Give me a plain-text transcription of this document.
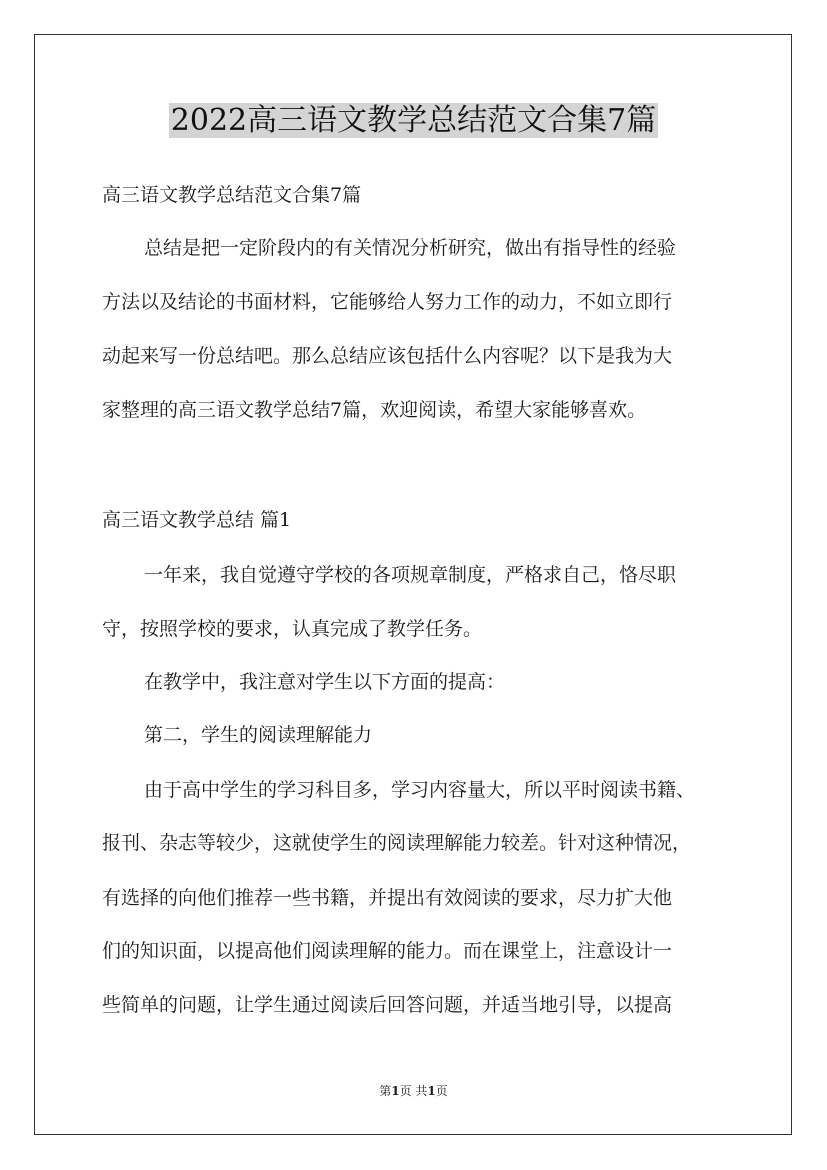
2022高三语文教学总结范文合集7篇
高三语文教学总结范文合集7篇
总结是把一定阶段内的有关情况分析研究，做出有指导性的经验
方法以及结论的书面材料，它能够给人努力工作的动力，不如立即行
动起来写一份总结吧。那么总结应该包括什么内容呢？以下是我为大
家整理的高三语文教学总结7篇，欢迎阅读，希望大家能够喜欢。
高三语文教学总结 篇1
一年来，我自觉遵守学校的各项规章制度，严格求自己，恪尽职
守，按照学校的要求，认真完成了教学任务。
在教学中，我注意对学生以下方面的提高：
第二，学生的阅读理解能力
由于高中学生的学习科目多，学习内容量大，所以平时阅读书籍、
报刊、杂志等较少，这就使学生的阅读理解能力较差。针对这种情况，
有选择的向他们推荐一些书籍，并提出有效阅读的要求，尽力扩大他
们的知识面，以提高他们阅读理解的能力。而在课堂上，注意设计一
些简单的问题，让学生通过阅读后回答问题，并适当地引导，以提高
第1页 共1页
